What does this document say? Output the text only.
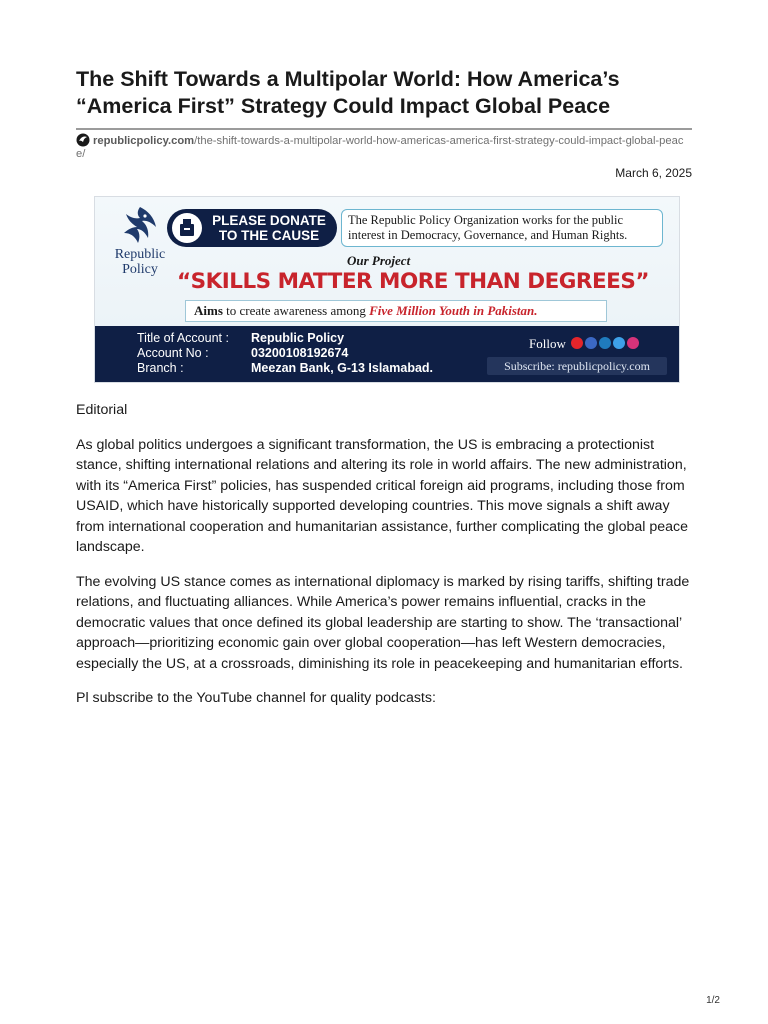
The Shift Towards a Multipolar World: How America’s “America First” Strategy Could Impact Global Peace
republicpolicy.com/the-shift-towards-a-multipolar-world-how-americas-america-first-strategy-could-impact-global-peace/
March 6, 2025
Republic
Policy
PLEASE DONATE
TO THE CAUSE
The Republic Policy Organization works for the public interest in Democracy, Governance, and Human Rights.
Our Project
“SKILLS MATTER MORE THAN DEGREES”
Aims to create awareness among Five Million Youth in Pakistan.
Title of Account : Republic Policy
Account No :	03200108192674
Branch :	Meezan Bank, G-13 Islamabad.
Follow
Subscribe: republicpolicy.com

Editorial

As global politics undergoes a significant transformation, the US is embracing a protectionist stance, shifting international relations and altering its role in world affairs. The new administration, with its “America First” policies, has suspended critical foreign aid programs, including those from USAID, which have historically supported developing countries. This move signals a shift away from international cooperation and humanitarian assistance, further complicating the global peace landscape.

The evolving US stance comes as international diplomacy is marked by rising tariffs, shifting trade relations, and fluctuating alliances. While America’s power remains influential, cracks in the democratic values that once defined its global leadership are starting to show. The ‘transactional’ approach—prioritizing economic gain over global cooperation—has left Western democracies, especially the US, at a crossroads, diminishing its role in peacekeeping and humanitarian efforts.

Pl subscribe to the YouTube channel for quality podcasts:

1/2
